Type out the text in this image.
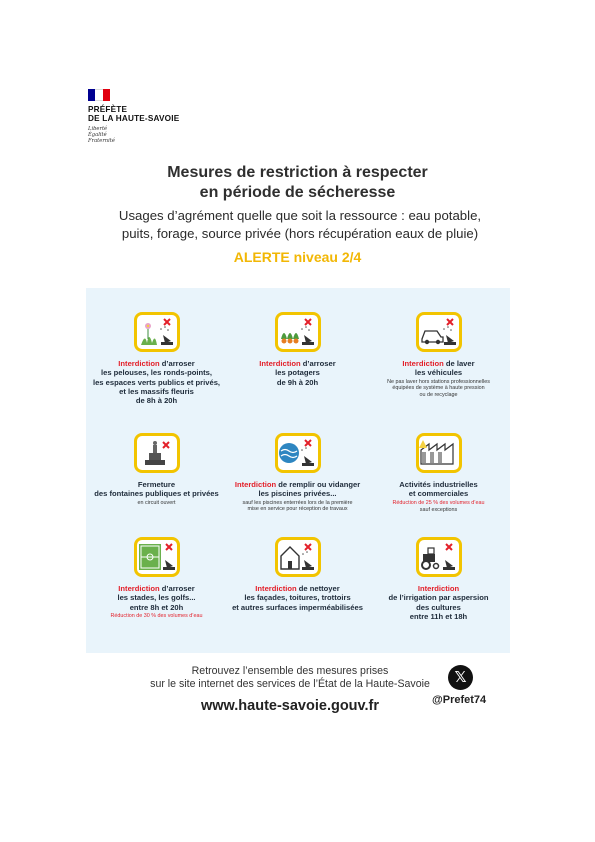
PRÉFÈTE
DE LA HAUTE-SAVOIE
Liberté
Égalité
Fraternité
Mesures de restriction à respecter
en période de sécheresse
Usages d’agrément quelle que soit la ressource : eau potable,
puits, forage, source privée (hors récupération eaux de pluie)
ALERTE niveau 2/4
Interdiction d’arroser
les pelouses, les ronds-points,
les espaces verts publics et privés,
et les massifs fleuris
de 8h à 20h
Interdiction d’arroser
les potagers
de 9h à 20h
Interdiction de laver
les véhicules
Ne pas laver hors stations professionnelles
équipées de système à haute pression
ou de recyclage
Fermeture
des fontaines publiques et privées
en circuit ouvert
Interdiction de remplir ou vidanger
les piscines privées...
sauf les piscines enterrées lors de la première
mise en service pour réception de travaux
Activités industrielles
et commerciales
Réduction de 25 % des volumes d’eau
sauf exceptions
Interdiction d’arroser
les stades, les golfs...
entre 8h et 20h
Réduction de 30 % des volumes d’eau
Interdiction de nettoyer
les façades, toitures, trottoirs
et autres surfaces imperméabilisées
Interdiction
de l’irrigation par aspersion
des cultures
entre 11h et 18h
Retrouvez l’ensemble des mesures prises
sur le site internet des services de l’État de la Haute-Savoie
www.haute-savoie.gouv.fr
𝕏
@Prefet74
